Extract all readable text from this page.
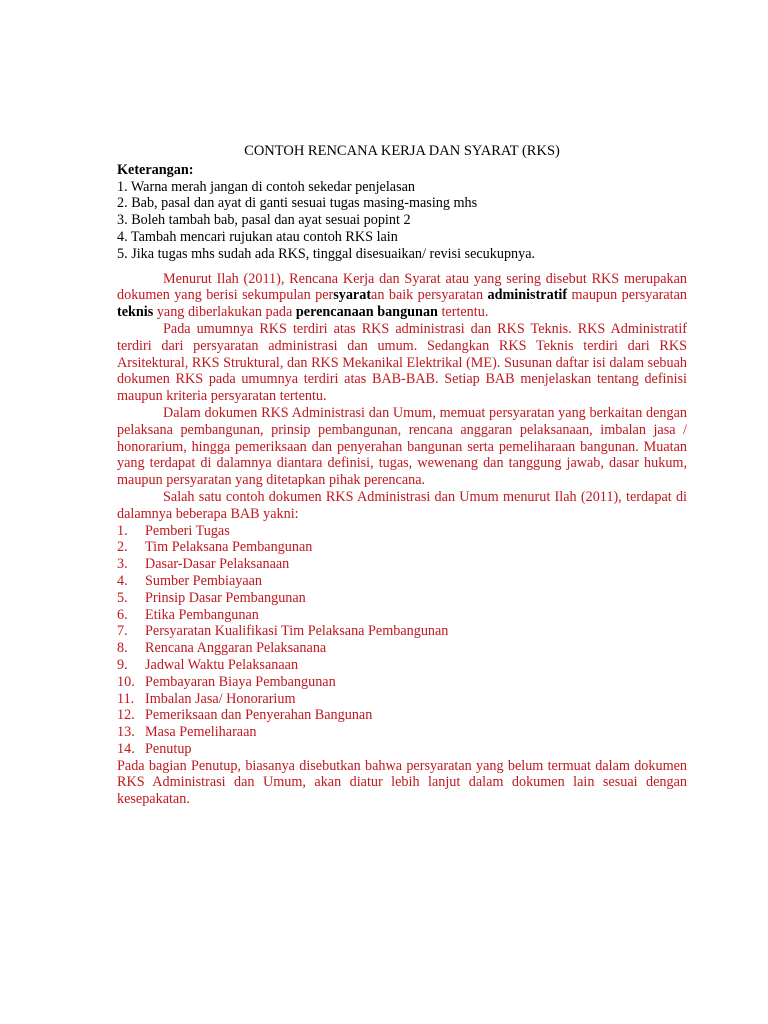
CONTOH RENCANA KERJA DAN SYARAT (RKS)
Keterangan:
1. Warna merah jangan di contoh sekedar penjelasan
2. Bab, pasal dan ayat di ganti sesuai tugas masing-masing mhs
3. Boleh tambah bab, pasal dan ayat sesuai popint 2
4. Tambah mencari rujukan atau contoh RKS lain
5. Jika tugas mhs sudah ada RKS, tinggal disesuaikan/ revisi secukupnya.

Menurut Ilah (2011), Rencana Kerja dan Syarat atau yang sering disebut RKS merupakan dokumen yang berisi sekumpulan persyaratan baik persyaratan administratif maupun persyaratan teknis yang diberlakukan pada perencanaan bangunan tertentu.

Pada umumnya RKS terdiri atas RKS administrasi dan RKS Teknis. RKS Administratif terdiri dari persyaratan administrasi dan umum. Sedangkan RKS Teknis terdiri dari RKS Arsitektural, RKS Struktural, dan RKS Mekanikal Elektrikal (ME). Susunan daftar isi dalam sebuah dokumen RKS pada umumnya terdiri atas BAB-BAB. Setiap BAB menjelaskan tentang definisi maupun kriteria persyaratan tertentu.

Dalam dokumen RKS Administrasi dan Umum, memuat persyaratan yang berkaitan dengan pelaksana pembangunan, prinsip pembangunan, rencana anggaran pelaksanaan, imbalan jasa / honorarium, hingga pemeriksaan dan penyerahan bangunan serta pemeliharaan bangunan. Muatan yang terdapat di dalamnya diantara definisi, tugas, wewenang dan tanggung jawab, dasar hukum, maupun persyaratan yang ditetapkan pihak perencana.

Salah satu contoh dokumen RKS Administrasi dan Umum menurut Ilah (2011), terdapat di dalamnya beberapa BAB yakni:

1.	Pemberi Tugas
2.	Tim Pelaksana Pembangunan
3.	Dasar-Dasar Pelaksanaan
4.	Sumber Pembiayaan
5.	Prinsip Dasar Pembangunan
6.	Etika Pembangunan
7.	Persyaratan Kualifikasi Tim Pelaksana Pembangunan
8.	Rencana Anggaran Pelaksanana
9.	Jadwal Waktu Pelaksanaan
10. Pembayaran Biaya Pembangunan
11. Imbalan Jasa/ Honorarium
12. Pemeriksaan dan Penyerahan Bangunan
13. Masa Pemeliharaan
14. Penutup

Pada bagian Penutup, biasanya disebutkan bahwa persyaratan yang belum termuat dalam dokumen RKS Administrasi dan Umum, akan diatur lebih lanjut dalam dokumen lain sesuai dengan kesepakatan.
